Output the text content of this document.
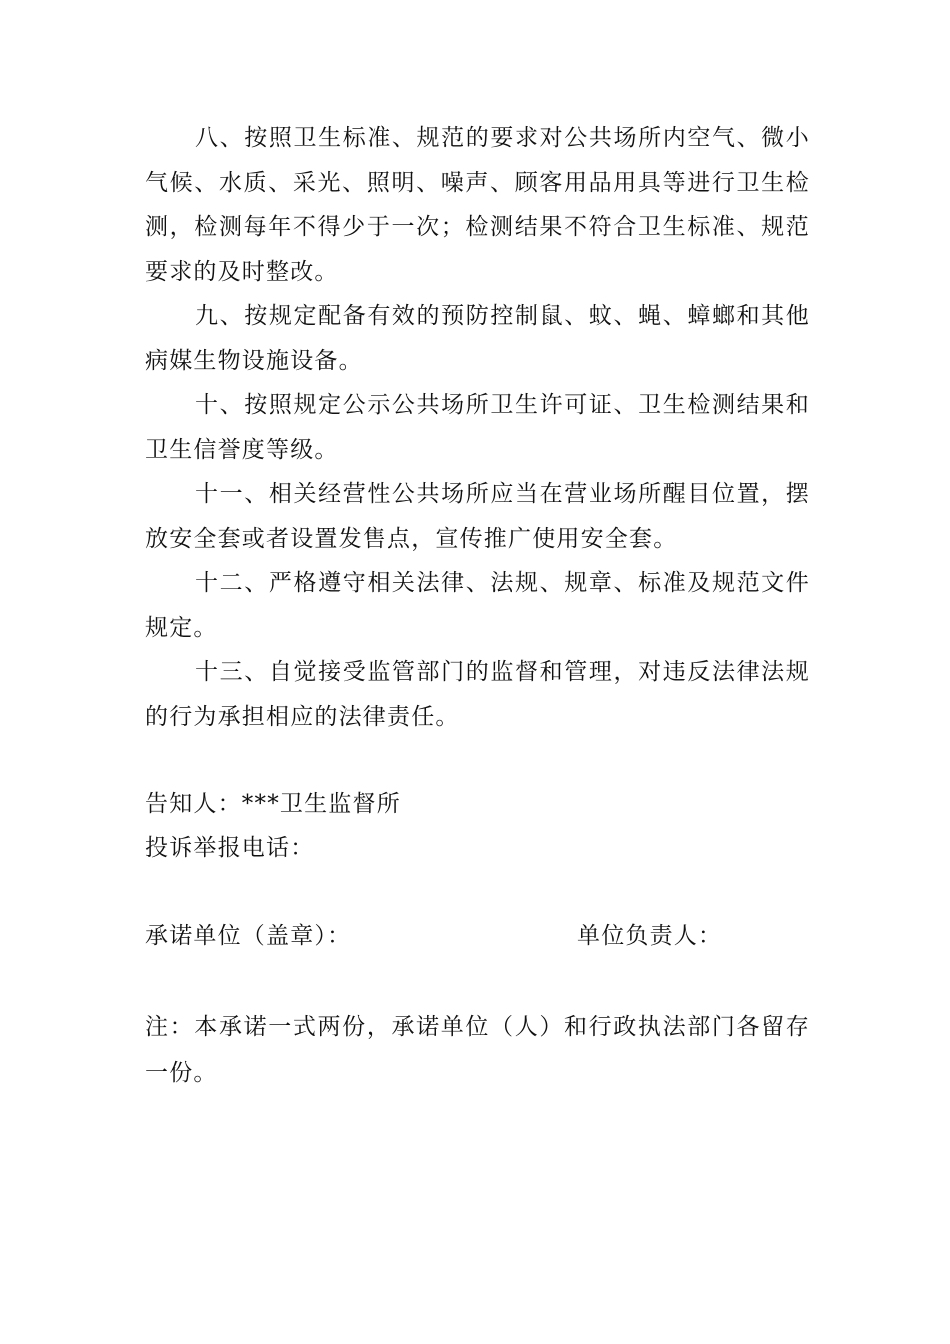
八、按照卫生标准、规范的要求对公共场所内空气、微小气候、水质、采光、照明、噪声、顾客用品用具等进行卫生检测，检测每年不得少于一次；检测结果不符合卫生标准、规范要求的及时整改。

九、按规定配备有效的预防控制鼠、蚊、蝇、蟑螂和其他病媒生物设施设备。

十、按照规定公示公共场所卫生许可证、卫生检测结果和卫生信誉度等级。

十一、相关经营性公共场所应当在营业场所醒目位置，摆放安全套或者设置发售点，宣传推广使用安全套。

十二、严格遵守相关法律、法规、规章、标准及规范文件规定。

十三、自觉接受监管部门的监督和管理，对违反法律法规的行为承担相应的法律责任。

告知人：***卫生监督所

投诉举报电话：

承诺单位（盖章）：	单位负责人：

注：本承诺一式两份，承诺单位（人）和行政执法部门各留存一份。
